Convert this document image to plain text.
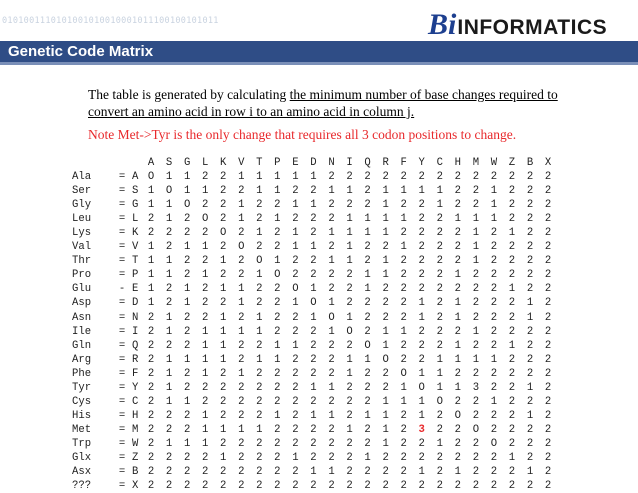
0101001110101001010010001011100100101011

	Bi INFORMATICS
Genetic Code Matrix
The table is generated by calculating the minimum number of base changes required to convert an amino acid in row i to an amino acid in column j.
Note Met->Tyr is the only change that requires all 3 codon positions to change.
A	S	G	L	K	V	T	P	E	D	N	I	Q	R	F	Y	C	H	M	W	Z	B	X
Ala	= A O	1	1	2	2	1	1	1	1	1	2	2	2	2	2	2	2	2	2	2	2	2	2
Ser	= S 1	O	1	1	2	2	1	1	2	2	1	1	2	1	1	1	1	2	2	1	2	2	2
Gly	= G 1	1	O	2	2	1	2	2	1	1	2	2	2	1	2	2	1	2	2	1	2	2	2
Leu	= L 2	1	2	O	2	1	2	1	2	2	2	1	1	1	1	2	2	1	1	1	2	2	2
Lys	= K 2	2	2	2	O	2	1	2	1	2	1	1	1	1	2	2	2	2	1	2	1	2	2
Val	= V 1	2	1	1	2	O	2	2	1	1	2	1	2	2	1	2	2	2	1	2	2	2	2
Thr	= T 1	1	2	2	1	2	O	1	2	2	1	1	2	1	2	2	2	2	1	2	2	2	2
Pro	= P 1	1	2	1	2	2	1	O	2	2	2	2	1	1	2	2	2	1	2	2	2	2	2
Glu	- E 1	2	1	2	1	1	2	2	O	1	2	2	1	2	2	2	2	2	2	2	1	2	2
Asp	= D 1	2	1	2	2	1	2	2	1	O	1	2	2	2	2	1	2	1	2	2	2	1	2
Asn	= N 2	1	2	2	1	2	1	2	2	1	O	1	2	2	2	1	2	1	2	2	2	1	2
Ile	= I 2	1	2	1	1	1	1	2	2	2	1	O	2	1	1	2	2	2	1	2	2	2	2
Gln	= Q 2	2	2	1	1	2	2	1	1	2	2	2	O	1	2	2	2	1	2	2	1	2	2
Arg	= R 2	1	1	1	1	2	1	1	2	2	2	1	1	O	2	2	1	1	1	1	2	2	2
Phe	= F 2	1	2	1	2	1	2	2	2	2	2	1	2	2	O	1	1	2	2	2	2	2	2
Tyr	= Y 2	1	2	2	2	2	2	2	2	1	1	2	2	2	1	O	1	1	3	2	2	1	2
Cys	= C 2	1	1	2	2	2	2	2	2	2	2	2	2	1	1	1	O	2	2	1	2	2	2
His	= H 2	2	2	1	2	2	2	1	2	1	1	2	1	1	2	1	2	O	2	2	2	1	2
Met	= M 2	2	2	1	1	1	1	2	2	2	2	1	2	1	2	3	2	2	O	2	2	2	2
Trp	= W 2	1	1	1	2	2	2	2	2	2	2	2	2	1	2	2	1	2	2	O	2	2	2
Glx	= Z 2	2	2	2	1	2	2	2	1	2	2	2	1	2	2	2	2	2	2	2	1	2	2
Asx	= B 2	2	2	2	2	2	2	2	2	1	1	2	2	2	2	1	2	1	2	2	2	1	2
???	= X 2	2	2	2	2	2	2	2	2	2	2	2	2	2	2	2	2	2	2	2	2	2	2
